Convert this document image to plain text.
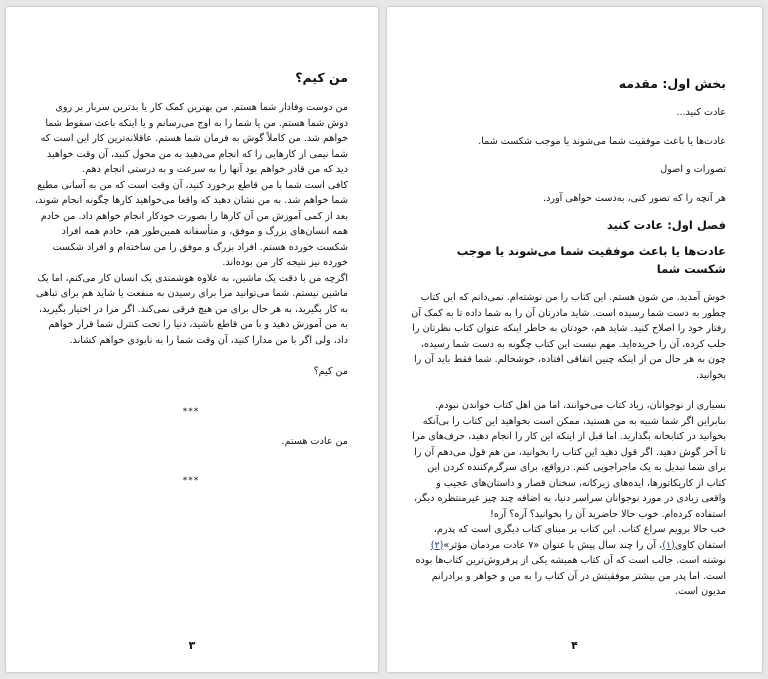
من کیم؟

من دوست وفادار شما هستم. من بهترین کمک کار یا بدترین سربار بر روی دوش شما هستم. من یا شما را به اوج می‌رسانم و یا اینکه باعث سقوط شما خواهم شد. من کاملاً گوش به فرمان شما هستم. عاقلانه‌ترین کار این است که شما نیمی از کارهایی را که انجام می‌دهید به من محول کنید، آن وقت خواهید دید که من قادر خواهم بود آنها را به سرعت و به درستی انجام دهم.

کافی است شما با من قاطع برخورد کنید، آن وقت است که من به آسانی مطیع شما خواهم شد. به من نشان دهید که واقعا می‌خواهید کارها چگونه انجام شوند، بعد از کمی آموزش من آن کارها را بصورت خودکار انجام خواهم داد. من خادم همه انسان‌های بزرگ و موفق، و متأسفانه همین‌طور هم، خادم همه افراد شکست خورده هستم. افراد بزرگ و موفق را من ساخته‌ام و افراد شکست خورده نیز نتیجه کار من بوده‌اند.

اگرچه من با دقت یک ماشین، به علاوه هوشمندی یک انسان کار می‌کنم، اما یک ماشین نیستم. شما می‌توانید مرا برای رسیدن به منفعت یا شاید هم برای تباهی به کار بگیرید، به هر حال برای من هیچ فرقی نمی‌کند. اگر مرا در اختیار بگیرید، به من آموزش دهید و با من قاطع باشید، دنیا را تحت کنترل شما قرار خواهم داد، ولی اگر با من مدارا کنید، آن وقت شما را به نابودی خواهم کشاند.

من کیم؟

***

من عادت هستم.

***

۳
بخش اول: مقدمه

عادت کنید...

عادت‌ها یا باعث موفقیت شما می‌شوند یا موجب شکست شما.

تصورات و اصول

هر آنچه را که تصور کنی، به‌دست خواهی آورد.

فصل اول: عادت کنید
عادت‌ها یا باعث موفقیت شما می‌شوند یا موجب شکست شما

خوش آمدید. من شون هستم. این کتاب را من نوشته‌ام. نمی‌دانم که این کتاب چطور به دست شما رسیده است. شاید مادرتان آن را به شما داده تا به کمک آن رفتار خود را اصلاح کنید. شاید هم، خودتان به خاطر اینکه عنوان کتاب نظرتان را جلب کرده، آن را خریده‌اید. مهم نیست این کتاب چگونه به دست شما رسیده، چون به هر حال من از اینکه چنین اتفاقی افتاده، خوشحالم. شما فقط باید آن را بخوانید.

بسیاری از نوجوانان، زیاد کتاب می‌خوانند، اما من اهل کتاب خواندن نبودم. بنابراین اگر شما شبیه به من هستید، ممکن است بخواهید این کتاب را بی‌آنکه بخوانید در کتابخانه بگذارید. اما قبل از اینکه این کار را انجام دهید، حرف‌های مرا تا آخر گوش دهید. اگر قول دهید این کتاب را بخوانید، من هم قول می‌دهم آن را برای شما تبدیل به یک ماجراجویی کنم. درواقع، برای سرگرم‌کننده کردن این کتاب از کاریکاتورها، ایده‌های زیرکانه، سخنان قصار و داستان‌های عجیب و واقعی زیادی در مورد نوجوانان سراسر دنیا، به اضافه چند چیز غیرمنتظره دیگر، استفاده کرده‌ام. خوب حالا حاضرید آن را بخوانید؟ آره؟ آره!

خب حالا برویم سراغ کتاب. این کتاب بر مبنای کتاب دیگری است که پدرم، استفان کاوی(۱)، آن را چند سال پیش با عنوان «۷ عادت مردمان مؤثر»(۲) نوشته است. جالب است که آن کتاب همیشه یکی از پرفروش‌ترین کتاب‌ها بوده است. اما پدر من بیشتر موفقیتش در آن کتاب را به من و خواهر و برادرانم مدیون است.

۴
